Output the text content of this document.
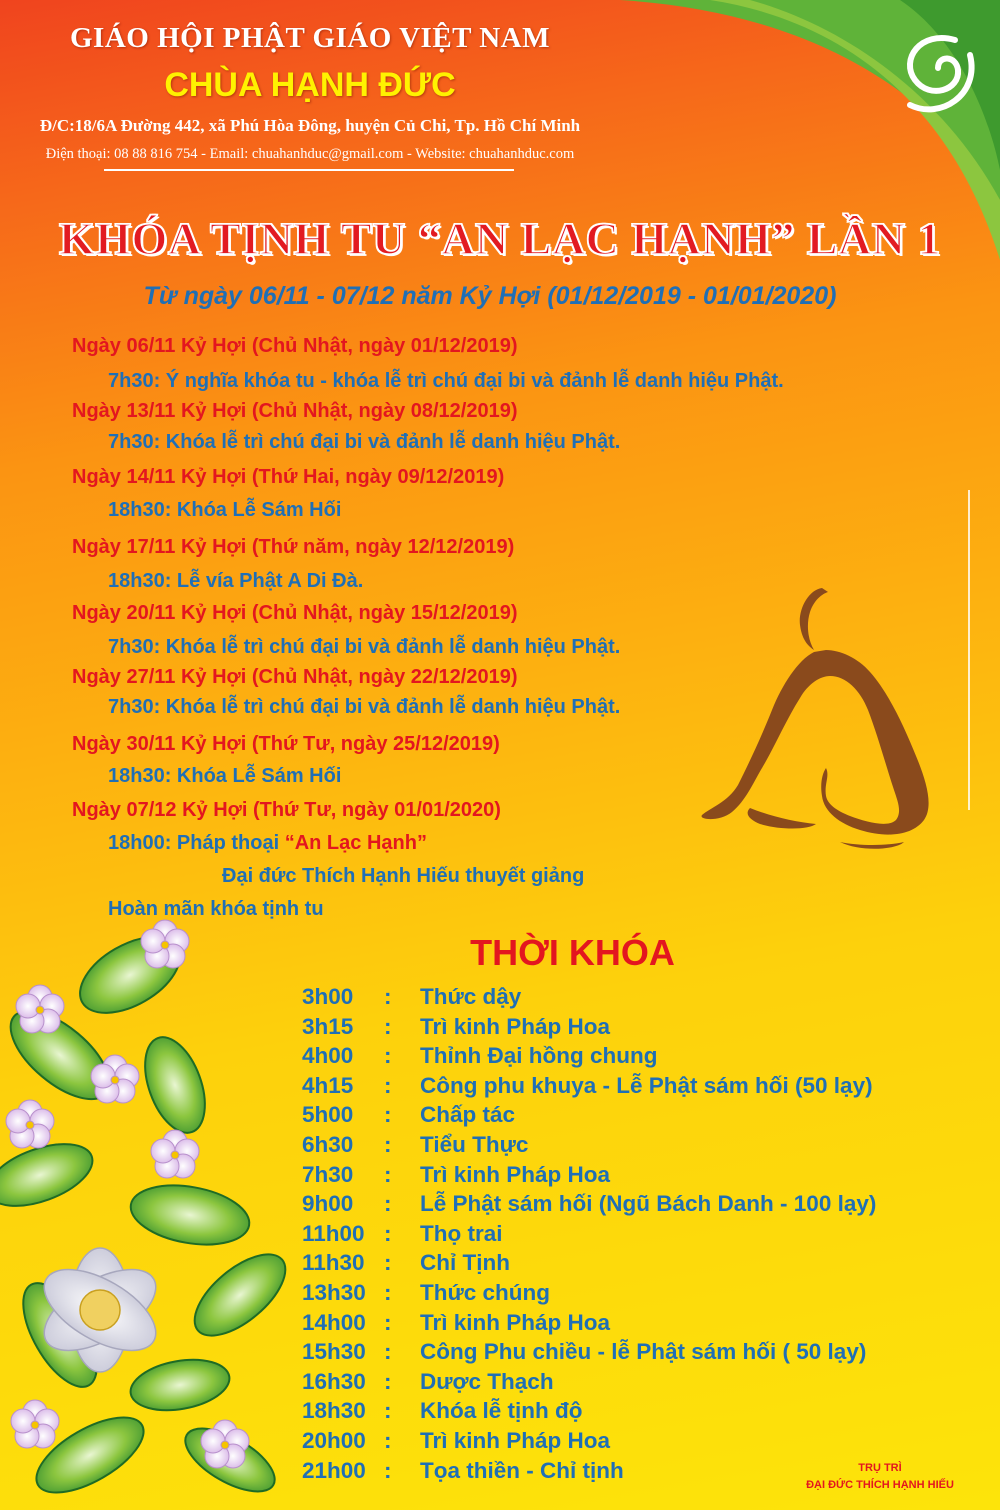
GIÁO HỘI PHẬT GIÁO VIỆT NAM
CHÙA HẠNH ĐỨC
Đ/C:18/6A Đường 442, xã Phú Hòa Đông, huyện Củ Chi, Tp. Hồ Chí Minh
Điện thoại: 08 88 816 754 - Email: chuahanhduc@gmail.com - Website: chuahanhduc.com
KHÓA TỊNH TU “AN LẠC HẠNH” LẦN 1
Từ ngày 06/11 - 07/12 năm Kỷ Hợi (01/12/2019 - 01/01/2020)
Ngày 06/11 Kỷ Hợi (Chủ Nhật, ngày 01/12/2019)
7h30: Ý nghĩa khóa tu - khóa lễ trì chú đại bi và đảnh lễ danh hiệu Phật.
Ngày 13/11 Kỷ Hợi (Chủ Nhật, ngày 08/12/2019)
7h30: Khóa lễ trì chú đại bi và đảnh lễ danh hiệu Phật.
Ngày 14/11 Kỷ Hợi (Thứ Hai, ngày 09/12/2019)
18h30: Khóa Lễ Sám Hối
Ngày 17/11 Kỷ Hợi (Thứ năm, ngày 12/12/2019)
18h30: Lễ vía Phật A Di Đà.
Ngày 20/11 Kỷ Hợi (Chủ Nhật, ngày 15/12/2019)
7h30: Khóa lễ trì chú đại bi và đảnh lễ danh hiệu Phật.
Ngày 27/11 Kỷ Hợi (Chủ Nhật, ngày 22/12/2019)
7h30: Khóa lễ trì chú đại bi và đảnh lễ danh hiệu Phật.
Ngày 30/11 Kỷ Hợi (Thứ Tư, ngày 25/12/2019)
18h30: Khóa Lễ Sám Hối
Ngày 07/12 Kỷ Hợi (Thứ Tư, ngày 01/01/2020)
18h00: Pháp thoại “An Lạc Hạnh”
Đại đức Thích Hạnh Hiếu thuyết giảng
Hoàn mãn khóa tịnh tu
THỜI KHÓA
3h00	: Thức dậy
3h15	: Trì kinh Pháp Hoa
4h00	: Thỉnh Đại hồng chung
4h15	: Công phu khuya - Lễ Phật sám hối (50 lạy)
5h00	: Chấp tác
6h30	: Tiểu Thực
7h30	: Trì kinh Pháp Hoa
9h00	: Lễ Phật sám hối (Ngũ Bách Danh - 100 lạy)
11h00 : Thọ trai
11h30 : Chỉ Tịnh
13h30 : Thức chúng
14h00 : Trì kinh Pháp Hoa
15h30 : Công Phu chiều - lễ Phật sám hối ( 50 lạy)
16h30 : Dược Thạch
18h30 : Khóa lễ tịnh độ
20h00 : Trì kinh Pháp Hoa
21h00 : Tọa thiền - Chỉ tịnh	TRỤ TRÌ
ĐẠI ĐỨC THÍCH HẠNH HIẾU
